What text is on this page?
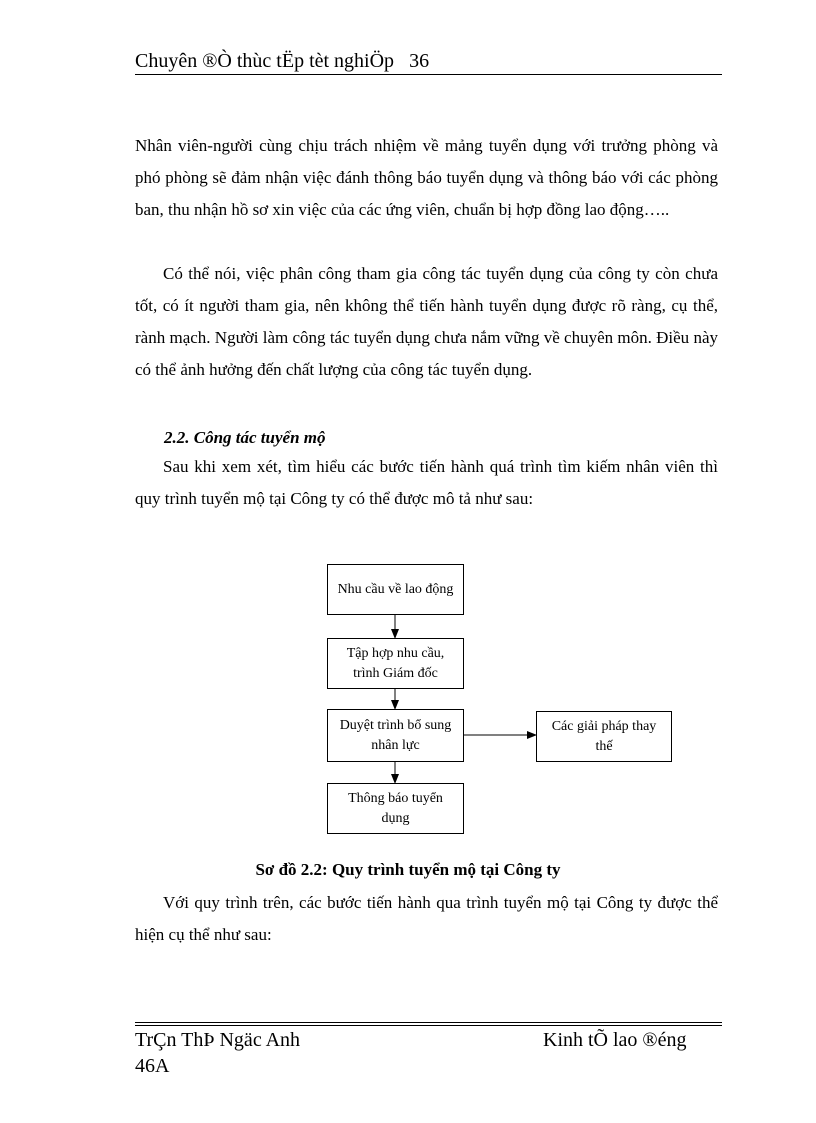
Chuyên ®Ò thùc tËp tèt nghiÖp 36

Nhân viên-người cùng chịu trách nhiệm về mảng tuyển dụng với trưởng phòng và phó phòng sẽ đảm nhận việc đánh thông báo tuyển dụng và thông báo với các phòng ban, thu nhận hồ sơ xin việc của các ứng viên, chuẩn bị hợp đồng lao động…..

Có thể nói, việc phân công tham gia công tác tuyển dụng của công ty còn chưa tốt, có ít người tham gia, nên không thể tiến hành tuyển dụng được rõ ràng, cụ thể, rành mạch. Người làm công tác tuyển dụng chưa nắm vững về chuyên môn. Điều này có thể ảnh hưởng đến chất lượng của công tác tuyển dụng.

2.2. Công tác tuyển mộ

Sau khi xem xét, tìm hiểu các bước tiến hành quá trình tìm kiếm nhân viên thì quy trình tuyển mộ tại Công ty có thể được mô tả như sau:

Nhu cầu về lao động
Tập hợp nhu cầu, trình Giám đốc
Duyệt trình bổ sung nhân lực
Thông báo tuyển dụng
Các giải pháp thay thế
Sơ đồ 2.2: Quy trình tuyển mộ tại Công ty

Với quy trình trên, các bước tiến hành qua trình tuyển mộ tại Công ty được thể hiện cụ thể như sau:

TrÇn ThÞ Ngäc Anh
46A
Kinh tÕ lao ®éng
